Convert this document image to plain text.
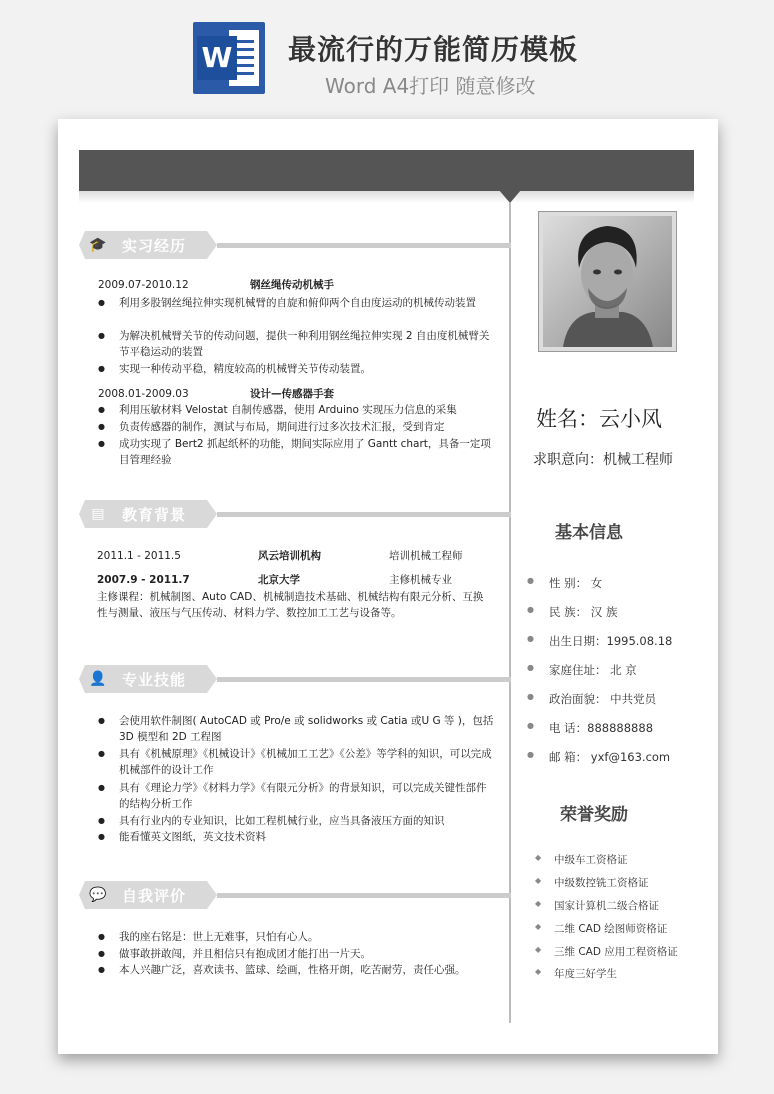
W 最流行的万能简历模板
Word A4打印 随意修改
🎓 实习经历
2009.07-2010.12	钢丝绳传动机械手
● 利用多股钢丝绳拉伸实现机械臂的自旋和俯仰两个自由度运动的机械传动装置
● 为解决机械臂关节的传动问题，提供一种利用钢丝绳拉伸实现 2 自由度机械臂关节平稳运动的装置
● 实现一种传动平稳，精度较高的机械臂关节传动装置。
2008.01-2009.03	设计—传感器手套
● 利用压敏材料 Velostat 自制传感器，使用 Arduino 实现压力信息的采集
● 负责传感器的制作，测试与布局，期间进行过多次技术汇报，受到肯定
● 成功实现了 Bert2 抓起纸杯的功能，期间实际应用了 Gantt chart，具备一定项目管理经验
▤ 教育背景
2011.1 - 2011.5	风云培训机构	培训机械工程师
2007.9 - 2011.7	北京大学	主修机械专业
主修课程：机械制图、Auto CAD、机械制造技术基础、机械结构有限元分析、互换性与测量、液压与气压传动、材料力学、数控加工工艺与设备等。
👤 专业技能
● 会使用软件制图( AutoCAD 或 Pro/e 或 solidworks 或 Catia 或U G 等 )，包括 3D 模型和 2D 工程图
● 具有《机械原理》《机械设计》《机械加工工艺》《公差》等学科的知识，可以完成机械部件的设计工作
● 具有《理论力学》《材料力学》《有限元分析》的背景知识，可以完成关键性部件的结构分析工作
● 具有行业内的专业知识，比如工程机械行业，应当具备液压方面的知识
● 能看懂英文图纸，英文技术资料
💬 自我评价
● 我的座右铭是：世上无难事，只怕有心人。
● 做事敢拼敢闯，并且相信只有抱成团才能打出一片天。
● 本人兴趣广泛，喜欢读书、篮球、绘画，性格开朗，吃苦耐劳，责任心强。
姓名：云小风
求职意向：机械工程师
基本信息
性 别： 女
民 族： 汉 族
出生日期：1995.08.18
家庭住址： 北 京
政治面貌： 中共党员
电 话：888888888
邮 箱： yxf@163.com
荣誉奖励
中级车工资格证
中级数控铣工资格证
国家计算机二级合格证
二维 CAD 绘图师资格证
三维 CAD 应用工程资格证
年度三好学生
